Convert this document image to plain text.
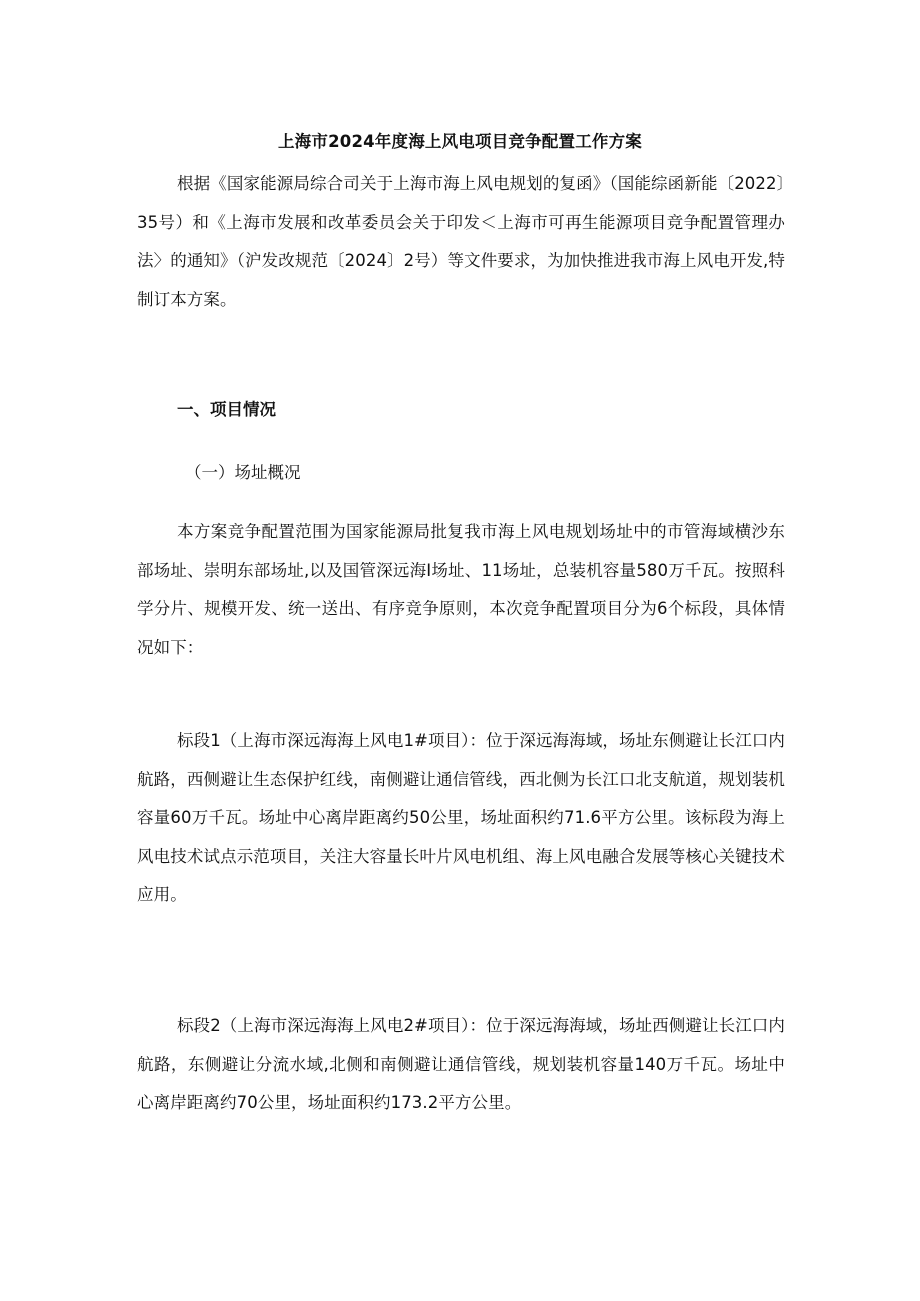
上海市2024年度海上风电项目竞争配置工作方案

根据《国家能源局综合司关于上海市海上风电规划的复函》（国能综函新能〔2022〕35号）和《上海市发展和改革委员会关于印发＜上海市可再生能源项目竞争配置管理办法〉的通知》（沪发改规范〔2024〕2号）等文件要求，为加快推进我市海上风电开发,特制订本方案。

一、项目情况
（一）场址概况

本方案竞争配置范围为国家能源局批复我市海上风电规划场址中的市管海域横沙东部场址、崇明东部场址,以及国管深远海Ⅰ场址、11场址，总装机容量580万千瓦。按照科学分片、规模开发、统一送出、有序竞争原则，本次竞争配置项目分为6个标段，具体情况如下：

标段1（上海市深远海海上风电1#项目）：位于深远海海域，场址东侧避让长江口内航路，西侧避让生态保护红线，南侧避让通信管线，西北侧为长江口北支航道，规划装机容量60万千瓦。场址中心离岸距离约50公里，场址面积约71.6平方公里。该标段为海上风电技术试点示范项目，关注大容量长叶片风电机组、海上风电融合发展等核心关键技术应用。

标段2（上海市深远海海上风电2#项目）：位于深远海海域，场址西侧避让长江口内航路，东侧避让分流水域,北侧和南侧避让通信管线，规划装机容量140万千瓦。场址中心离岸距离约70公里，场址面积约173.2平方公里。
